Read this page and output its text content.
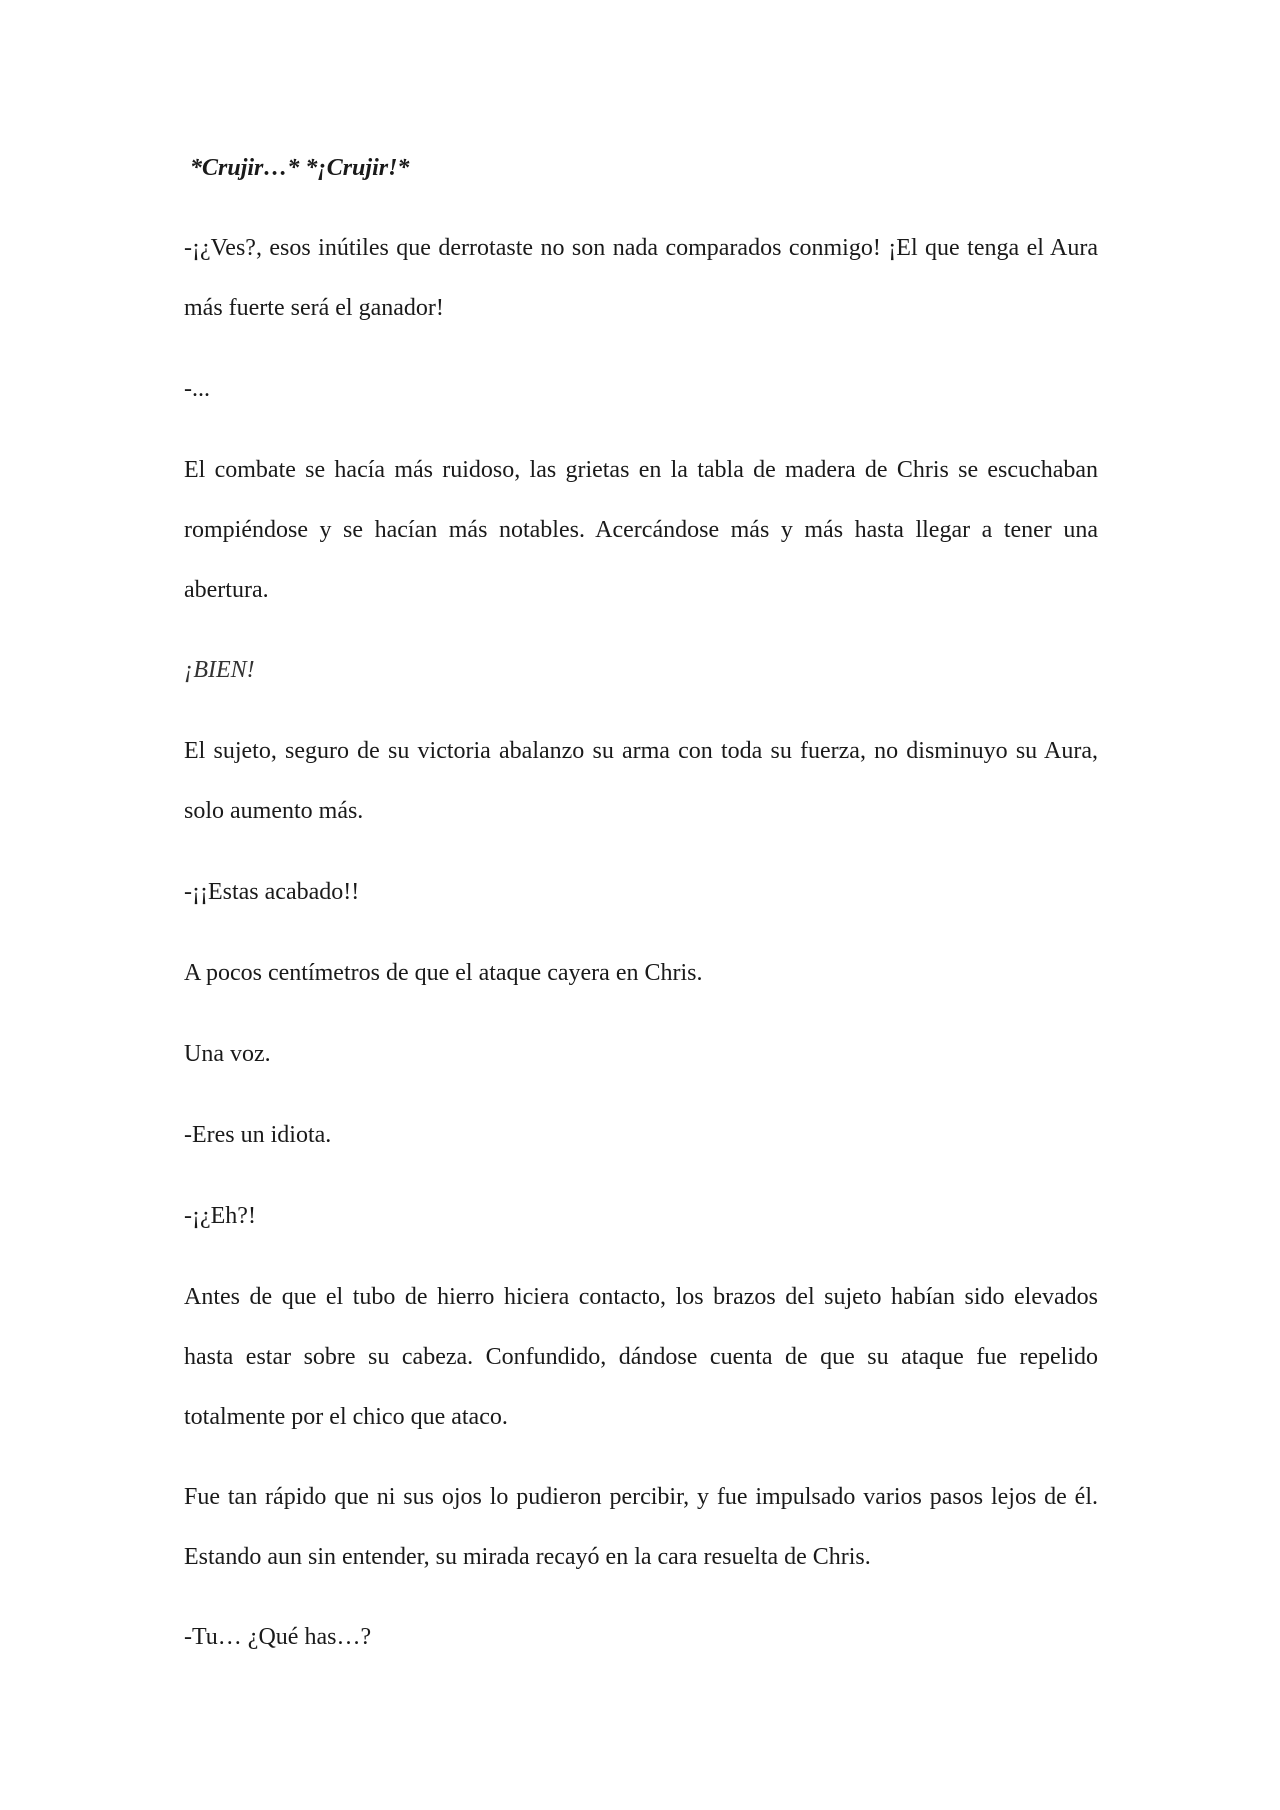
*Crujir…* *¡Crujir!*

-¡¿Ves?, esos inútiles que derrotaste no son nada comparados conmigo! ¡El que tenga el Aura más fuerte será el ganador!

-...

El combate se hacía más ruidoso, las grietas en la tabla de madera de Chris se escuchaban rompiéndose y se hacían más notables. Acercándose más y más hasta llegar a tener una abertura.

¡BIEN!

El sujeto, seguro de su victoria abalanzo su arma con toda su fuerza, no disminuyo su Aura, solo aumento más.

-¡¡Estas acabado!!

A pocos centímetros de que el ataque cayera en Chris.

Una voz.

-Eres un idiota.

-¡¿Eh?!

Antes de que el tubo de hierro hiciera contacto, los brazos del sujeto habían sido elevados hasta estar sobre su cabeza. Confundido, dándose cuenta de que su ataque fue repelido totalmente por el chico que ataco.

Fue tan rápido que ni sus ojos lo pudieron percibir, y fue impulsado varios pasos lejos de él. Estando aun sin entender, su mirada recayó en la cara resuelta de Chris.

-Tu… ¿Qué has…?
